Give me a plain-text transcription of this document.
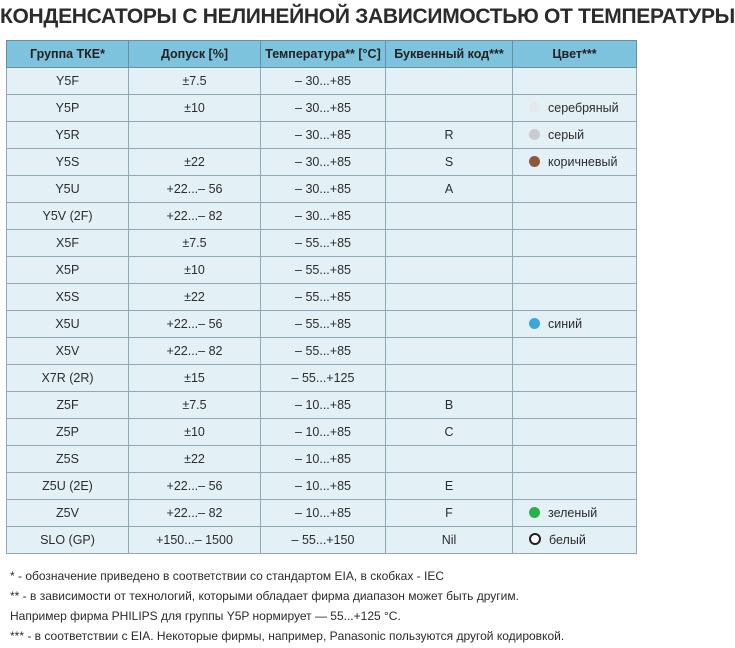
КОНДЕНСАТОРЫ С НЕЛИНЕЙНОЙ ЗАВИСИМОСТЬЮ ОТ ТЕМПЕРАТУРЫ
Группа ТКЕ*	Допуск [%]	Температура** [°C]	Буквенный код***	Цвет***
Y5F	±7.5	– 30...+85		
Y5P	±10	– 30...+85		серебряный
Y5R		– 30...+85	R	серый
Y5S	±22	– 30...+85	S	коричневый
Y5U	+22...– 56	– 30...+85	A	
Y5V (2F)	+22...– 82	– 30...+85		
X5F	±7.5	– 55...+85		
X5P	±10	– 55...+85		
X5S	±22	– 55...+85		
X5U	+22...– 56	– 55...+85		синий
X5V	+22...– 82	– 55...+85		
X7R (2R)	±15	– 55...+125		
Z5F	±7.5	– 10...+85	B	
Z5P	±10	– 10...+85	C	
Z5S	±22	– 10...+85		
Z5U (2E)	+22...– 56	– 10...+85	E	
Z5V	+22...– 82	– 10...+85	F	зеленый
SLO (GP)	+150...– 1500	– 55...+150	Nil	белый
* - обозначение приведено в соответствии со стандартом EIA, в скобках - IEC
** - в зависимости от технологий, которыми обладает фирма диапазон может быть другим.
Например фирма PHILIPS для группы Y5P нормирует — 55...+125 °С.
*** - в соответствии с EIA. Некоторые фирмы, например, Panasonic пользуются другой кодировкой.
